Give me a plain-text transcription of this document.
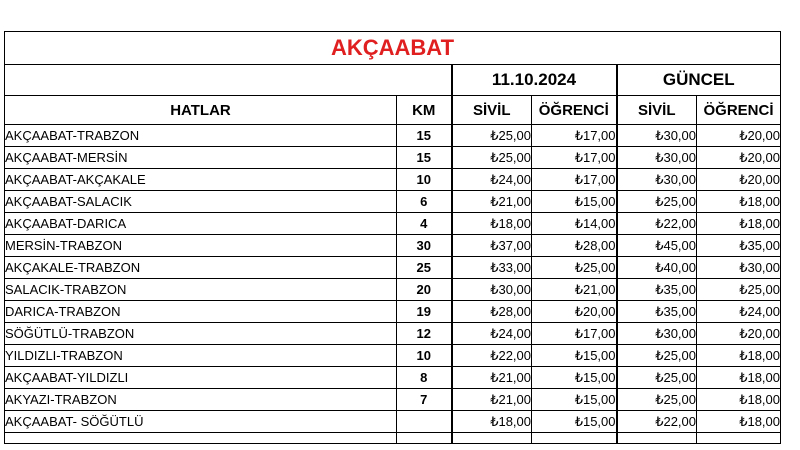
AKÇAABAT					
		11.10.2024		GÜNCEL	
HATLAR	KM	SİVİL	ÖĞRENCİ	SİVİL	ÖĞRENCİ
AKÇAABAT-TRABZON	15	₺25,00	₺17,00	₺30,00	₺20,00
AKÇAABAT-MERSİN	15	₺25,00	₺17,00	₺30,00	₺20,00
AKÇAABAT-AKÇAKALE	10	₺24,00	₺17,00	₺30,00	₺20,00
AKÇAABAT-SALACIK	6	₺21,00	₺15,00	₺25,00	₺18,00
AKÇAABAT-DARICA	4	₺18,00	₺14,00	₺22,00	₺18,00
MERSİN-TRABZON	30	₺37,00	₺28,00	₺45,00	₺35,00
AKÇAKALE-TRABZON	25	₺33,00	₺25,00	₺40,00	₺30,00
SALACIK-TRABZON	20	₺30,00	₺21,00	₺35,00	₺25,00
DARICA-TRABZON	19	₺28,00	₺20,00	₺35,00	₺24,00
SÖĞÜTLÜ-TRABZON	12	₺24,00	₺17,00	₺30,00	₺20,00
YILDIZLI-TRABZON	10	₺22,00	₺15,00	₺25,00	₺18,00
AKÇAABAT-YILDIZLI	8	₺21,00	₺15,00	₺25,00	₺18,00
AKYAZI-TRABZON	7	₺21,00	₺15,00	₺25,00	₺18,00
AKÇAABAT- SÖĞÜTLÜ		₺18,00	₺15,00	₺22,00	₺18,00
